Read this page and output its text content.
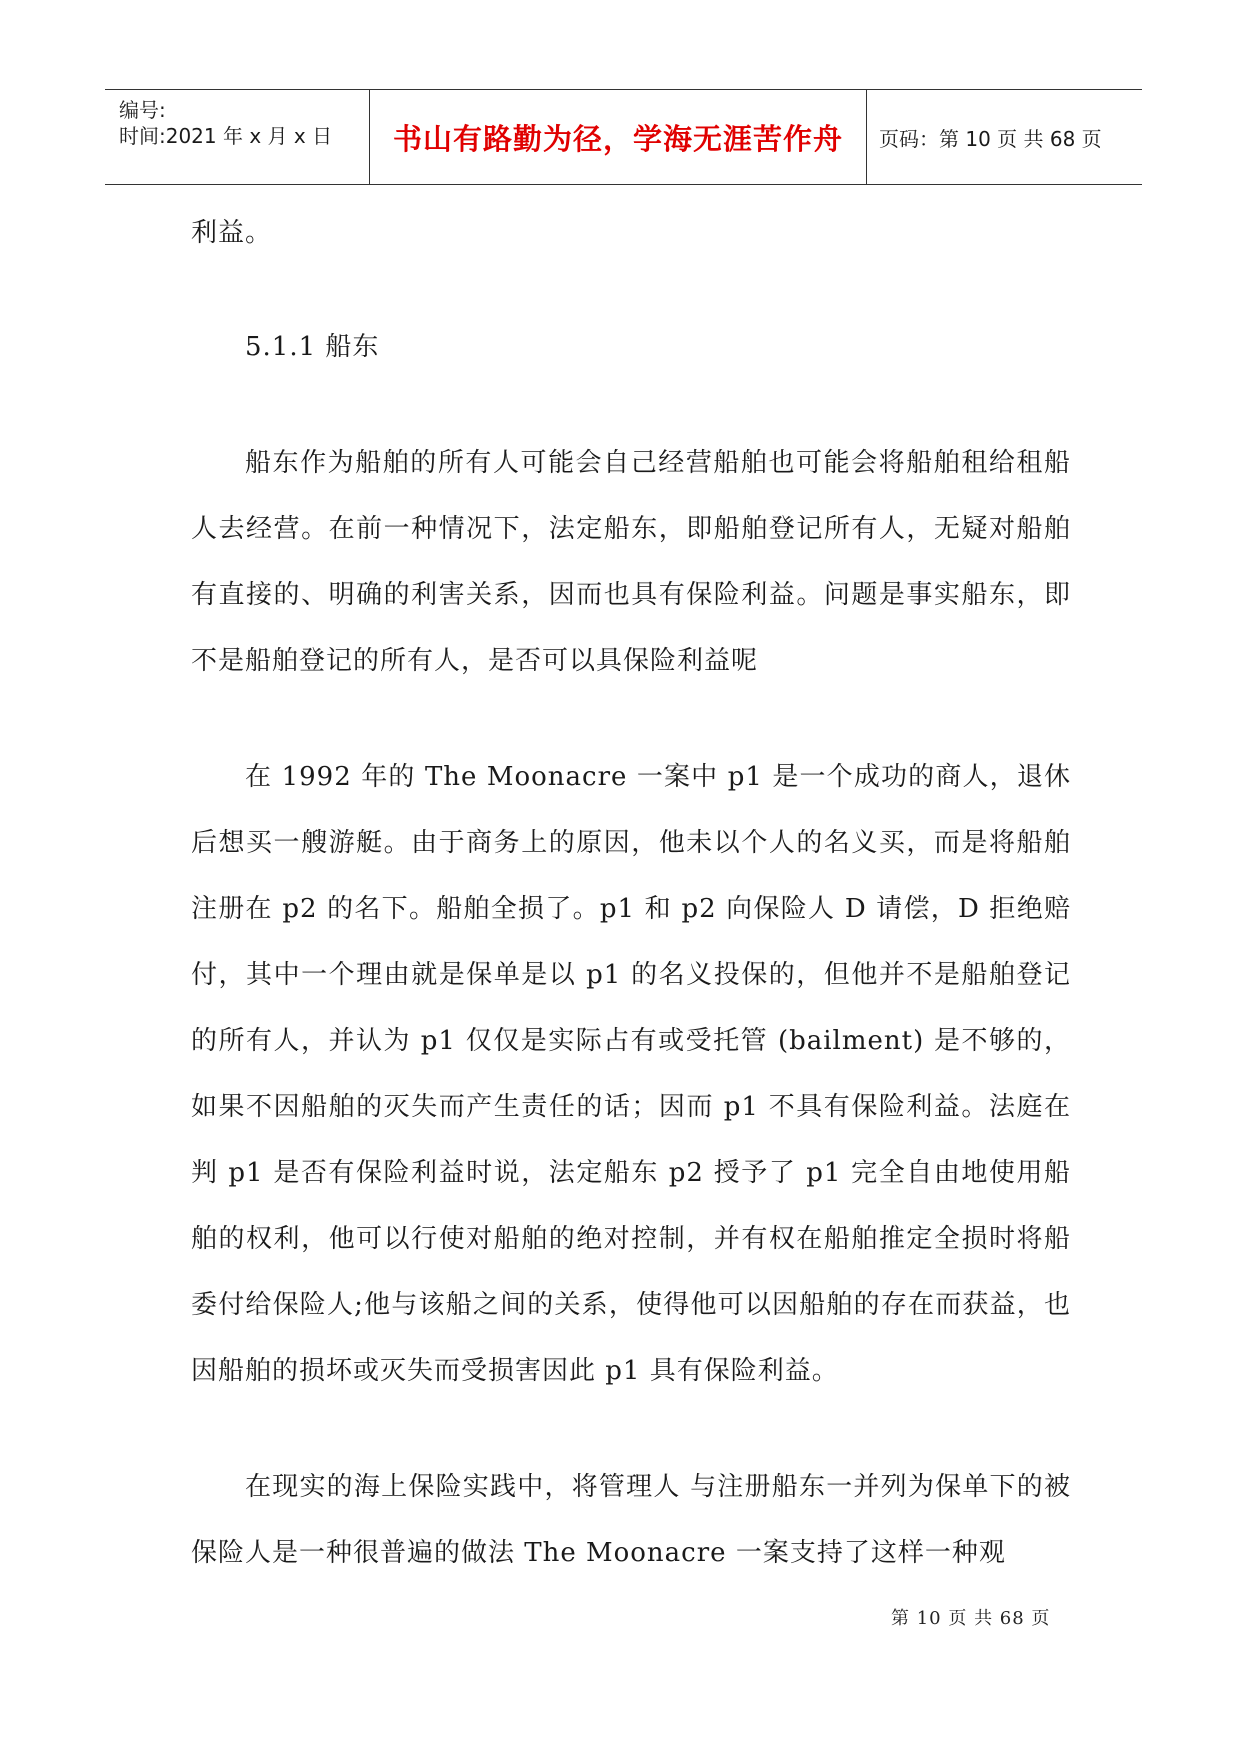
编号:
时间:2021 年 x 月 x 日 书山有路勤为径，学海无涯苦作舟 页码：第 10 页 共 68 页

利益。

5.1.1 船东

船东作为船舶的所有人可能会自己经营船舶也可能会将船舶租给租船人去经营。在前一种情况下，法定船东，即船舶登记所有人，无疑对船舶有直接的、明确的利害关系，因而也具有保险利益。问题是事实船东，即不是船舶登记的所有人，是否可以具保险利益呢

在 1992 年的 The Moonacre 一案中 p1 是一个成功的商人，退休后想买一艘游艇。由于商务上的原因，他未以个人的名义买，而是将船舶注册在 p2 的名下。船舶全损了。p1 和 p2 向保险人 D 请偿，D 拒绝赔付，其中一个理由就是保单是以 p1 的名义投保的，但他并不是船舶登记的所有人，并认为 p1 仅仅是实际占有或受托管 (bailment) 是不够的，如果不因船舶的灭失而产生责任的话；因而 p1 不具有保险利益。法庭在判 p1 是否有保险利益时说，法定船东 p2 授予了 p1 完全自由地使用船舶的权利，他可以行使对船舶的绝对控制，并有权在船舶推定全损时将船委付给保险人;他与该船之间的关系，使得他可以因船舶的存在而获益，也因船舶的损坏或灭失而受损害因此 p1 具有保险利益。

在现实的海上保险实践中，将管理人 与注册船东一并列为保单下的被保险人是一种很普遍的做法 The Moonacre 一案支持了这样一种观

第 10 页 共 68 页
